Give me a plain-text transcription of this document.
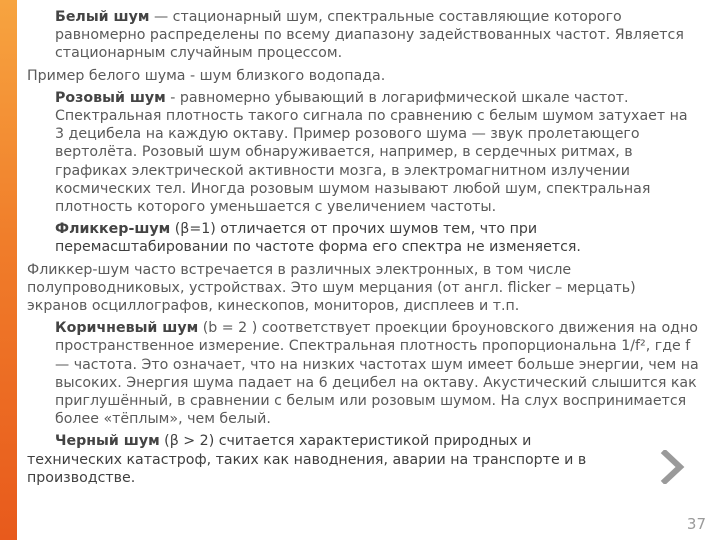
Белый шум — стационарный шум, спектральные составляющие которого равномерно распределены по всему диапазону задействованных частот. Является стационарным случайным процессом.

Пример белого шума - шум близкого водопада.

Розовый шум - равномерно убывающий в логарифмической шкале частот. Спектральная плотность такого сигнала по сравнению с белым шумом затухает на 3 децибела на каждую октаву. Пример розового шума — звук пролетающего вертолёта. Розовый шум обнаруживается, например, в сердечных ритмах, в графиках электрической активности мозга, в электромагнитном излучении космических тел. Иногда розовым шумом называют любой шум, спектральная плотность которого уменьшается с увеличением частоты.

Фликкер-шум (β=1) отличается от прочих шумов тем, что при перемасштабировании по частоте форма его спектра не изменяется.

Фликкер-шум часто встречается в различных электронных, в том числе полупроводниковых, устройствах. Это шум мерцания (от англ. flicker – мерцать) экранов осциллографов, кинескопов, мониторов, дисплеев и т.п.

Коричневый шум (b = 2 ) соответствует проекции броуновского движения на одно пространственное измерение. Спектральная плотность пропорциональна 1/f², где f — частота. Это означает, что на низких частотах шум имеет больше энергии, чем на высоких. Энергия шума падает на 6 децибел на октаву. Акустический слышится как приглушённый, в сравнении с белым или розовым шумом. На слух воспринимается более «тёплым», чем белый.

Черный шум (β > 2) считается характеристикой природных и

технических катастроф, таких как наводнения, аварии на транспорте и в производстве.

37
